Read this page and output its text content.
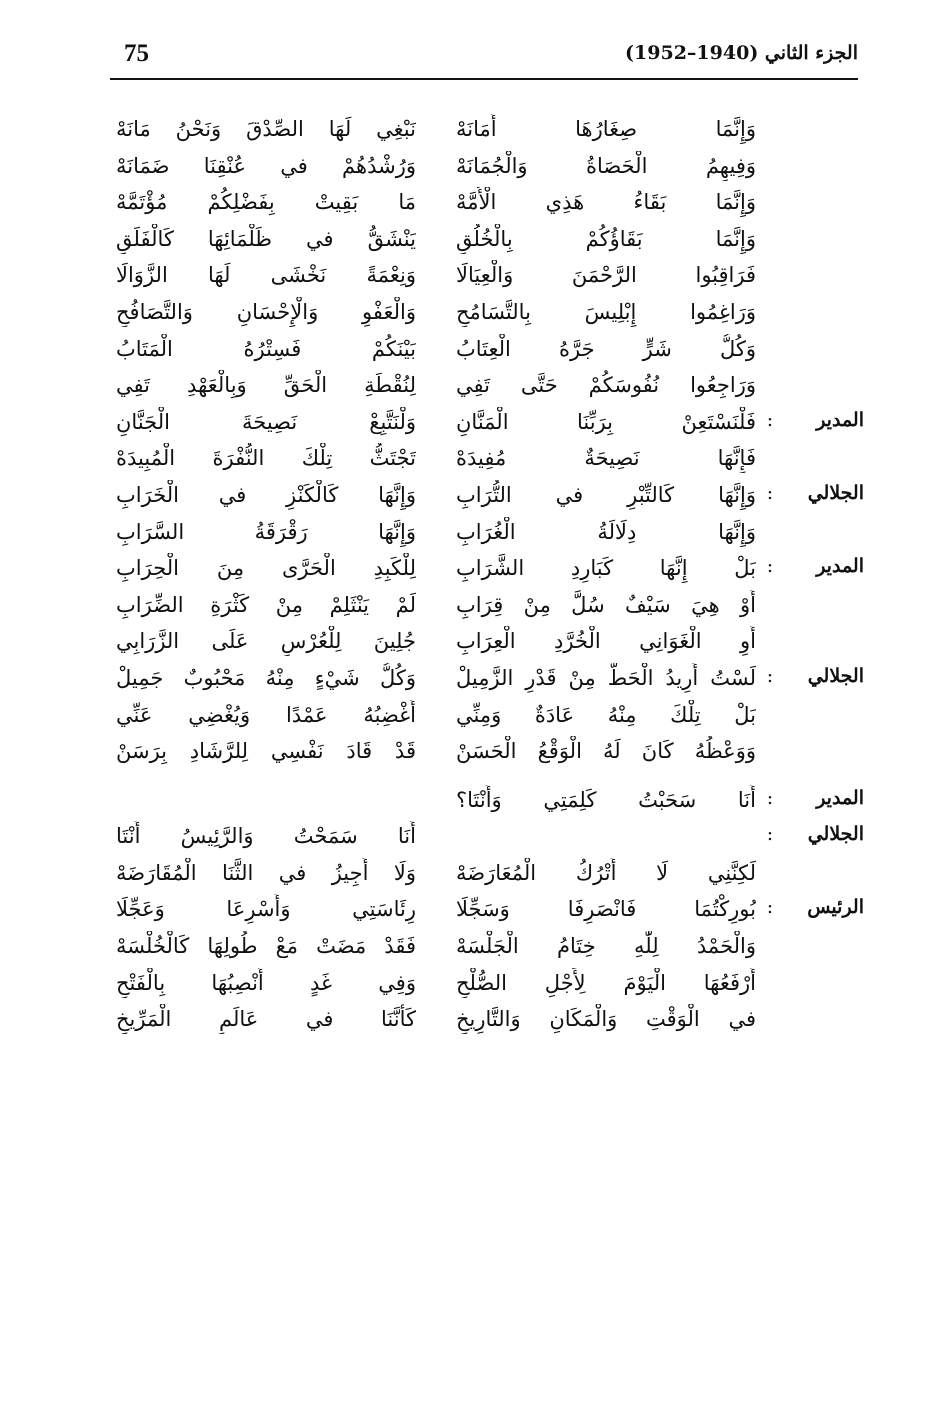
75	الجزء الثاني (1940–1952)
وَإِنَّمَا صِغَارُهَا أَمَانَهْ
نَبْغِي لَهَا الصِّدْقَ وَنَحْنُ مَانَهْ
وَفِيهِمُ الْحَصَاةُ وَالْجُمَانَهْ
وَرُشْدُهُمْ في عُنْقِنَا ضَمَانَهْ
وَإِنَّمَا بَقَاءُ هَذِي الْأُمَّهْ
مَا بَقِيتْ بِفَضْلِكُمْ مُؤْتَمَّهْ
وَإِنَّمَا بَقَاؤُكُمْ بِالْخُلُقِ
يَنْشَقُّ في ظَلْمَائِهَا كَالْفَلَقِ
فَرَاقِبُوا الرَّحْمَنَ وَالْعِيَالَا
وَنِعْمَةً نَخْشَى لَهَا الزَّوَالَا
وَرَاغِمُوا إِبْلِيسَ بِالتَّسَامُحِ
وَالْعَفْوِ وَالْإِحْسَانِ وَالتَّصَافُحِ
وَكُلُّ شَرٍّ جَرَّهُ الْعِتَابُ
بَيْنَكُمْ فَسِتْرُهُ الْمَتَابُ
وَرَاجِعُوا نُفُوسَكُمْ حَتَّى تَفِي
لِنُقْطَةِ الْحَقِّ وَبِالْعَهْدِ تَفِي
المدير
:
فَلْنَسْتَعِنْ بِرَبِّنَا الْمَنَّانِ
وَلْنَتَّبِعْ نَصِيحَةَ الْجَنَّانِ
فَإِنَّهَا نَصِيحَةٌ مُفِيدَهْ
تَجْتَثُّ تِلْكَ النُّفْرَةَ الْمُبِيدَهْ
الجلالي
:
وَإِنَّهَا كَالتِّبْرِ في التُّرَابِ
وَإِنَّهَا كَالْكَنْزِ في الْخَرَابِ
وَإِنَّهَا دِلَالَةُ الْغُرَابِ
وَإِنَّهَا رَقْرَقَةُ السَّرَابِ
المدير
:
بَلْ إِنَّهَا كَبَارِدِ الشَّرَابِ
لِلْكَبِدِ الْحَرَّى مِنَ الْحِرَابِ
أَوْ هِيَ سَيْفٌ سُلَّ مِنْ قِرَابِ
لَمْ يَنْثَلِمْ مِنْ كَثْرَةِ الضِّرَابِ
أَوِ الْغَوَانِي الْخُرَّدِ الْعِرَابِ
جُلِينَ لِلْعُرْسِ عَلَى الزَّرَابِي
الجلالي
:
لَسْتُ أُرِيدُ الْحَطَّ مِنْ قَدْرِ الزَّمِيلْ
وَكُلُّ شَيْءٍ مِنْهُ مَحْبُوبٌ جَمِيلْ
بَلْ تِلْكَ مِنْهُ عَادَةٌ وَمِنِّي
أُغْضِبُهُ عَمْدًا وَيُغْضِي عَنِّي
وَوَعْظُهُ كَانَ لَهُ الْوَقْعُ الْحَسَنْ
قَدْ قَادَ نَفْسِي لِلرَّشَادِ بِرَسَنْ
المدير
:
أَنَا سَحَبْتُ كَلِمَتِي وَأَنْتَا؟
الجلالي
:
أَنَا سَمَحْتُ وَالرَّئِيسُ أَنْتَا
لَكِنَّنِي لَا أَتْرُكُ الْمُعَارَضَهْ
وَلَا أُجِيزُ في الثَّنَا الْمُقَارَضَهْ
الرئيس
:
بُورِكْتُمَا فَانْصَرِفَا وَسَجِّلَا
رِئَاسَتِي وَأَسْرِعَا وَعَجِّلَا
وَالْحَمْدُ لِلّٰهِ خِتَامُ الْجَلْسَهْ
فَقَدْ مَضَتْ مَعْ طُولِهَا كَالْخُلْسَهْ
أَرْفَعُهَا الْيَوْمَ لِأَجْلِ الصُّلْحِ
وَفِي غَدٍ أَنْصِبُهَا بِالْفَتْحِ
في الْوَقْتِ وَالْمَكَانِ وَالتَّارِيخِ
كَأَنَّنَا في عَالَمِ الْمَرِّيخِ
